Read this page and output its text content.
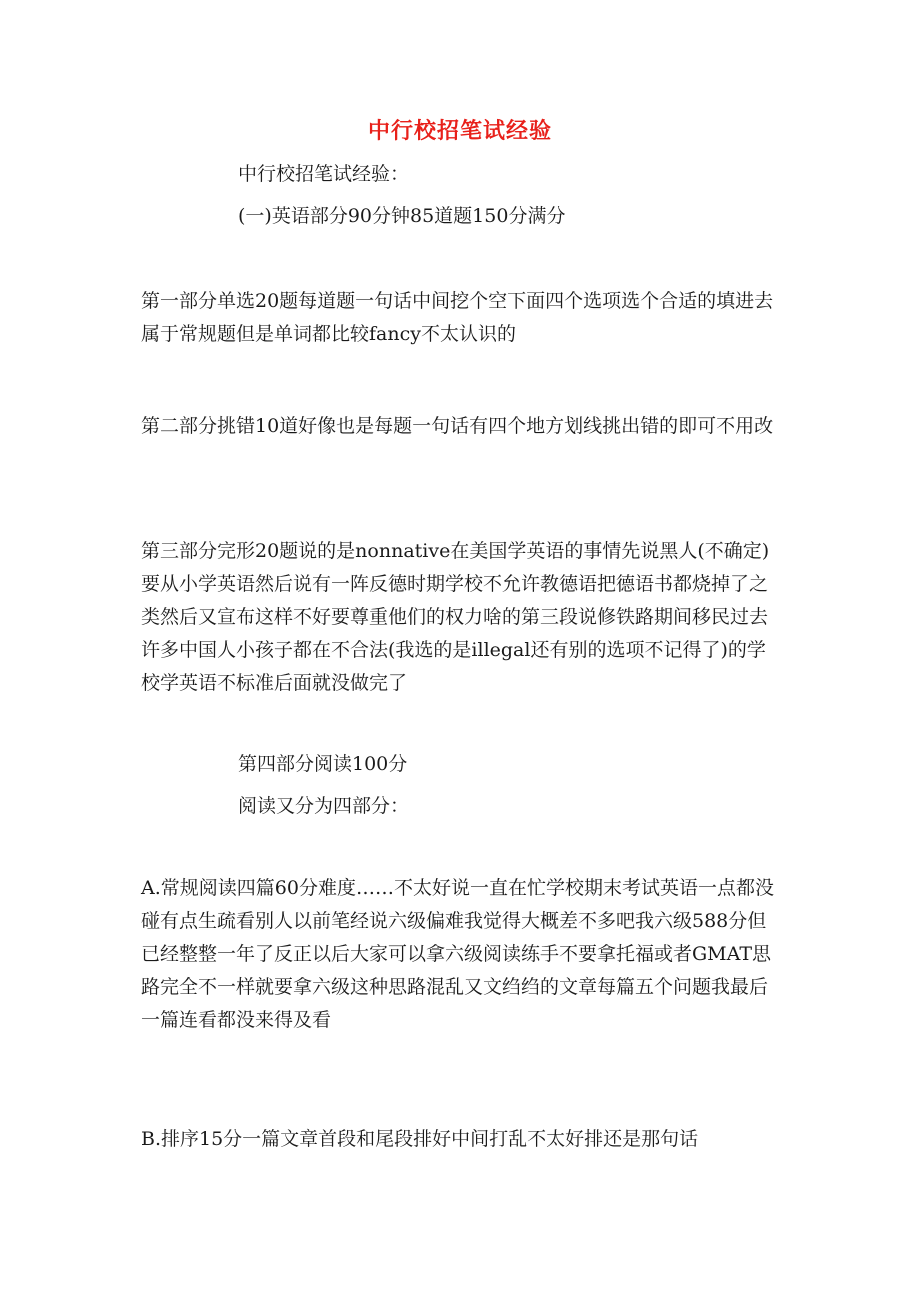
中行校招笔试经验
中行校招笔试经验：
(一)英语部分90分钟85道题150分满分

第一部分单选20题每道题一句话中间挖个空下面四个选项选个合适的填进去属于常规题但是单词都比较fancy不太认识的

第二部分挑错10道好像也是每题一句话有四个地方划线挑出错的即可不用改

第三部分完形20题说的是nonnative在美国学英语的事情先说黑人(不确定)要从小学英语然后说有一阵反德时期学校不允许教德语把德语书都烧掉了之类然后又宣布这样不好要尊重他们的权力啥的第三段说修铁路期间移民过去许多中国人小孩子都在不合法(我选的是illegal还有别的选项不记得了)的学校学英语不标准后面就没做完了

第四部分阅读100分
阅读又分为四部分：

A.常规阅读四篇60分难度……不太好说一直在忙学校期末考试英语一点都没碰有点生疏看别人以前笔经说六级偏难我觉得大概差不多吧我六级588分但已经整整一年了反正以后大家可以拿六级阅读练手不要拿托福或者GMAT思路完全不一样就要拿六级这种思路混乱又文绉绉的文章每篇五个问题我最后一篇连看都没来得及看

B.排序15分一篇文章首段和尾段排好中间打乱不太好排还是那句话
